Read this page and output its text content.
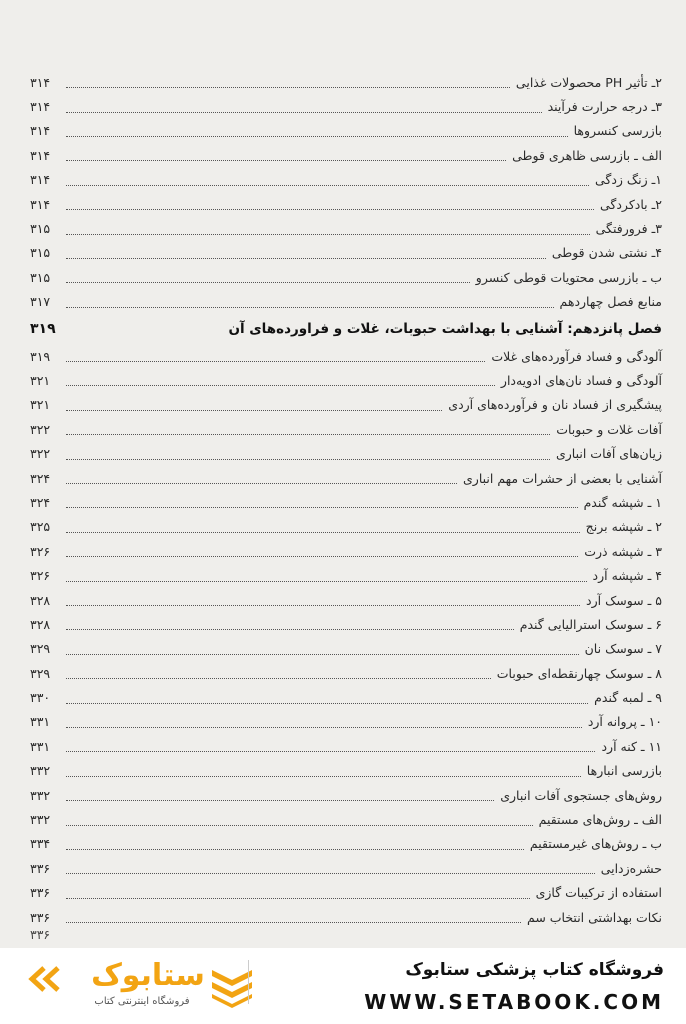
۲ـ تأثیر PH محصولات غذایی
۳۱۴
۳ـ درجه حرارت فرآیند
۳۱۴
بازرسی کنسروها
۳۱۴
الف ـ بازرسی ظاهری قوطی
۳۱۴
۱ـ زنگ زدگی
۳۱۴
۲ـ بادکردگی
۳۱۴
۳ـ فرورفتگی
۳۱۵
۴ـ نشتی شدن قوطی
۳۱۵
ب ـ بازرسی محتویات قوطی کنسرو
۳۱۵
منابع فصل چهاردهم
۳۱۷
فصل پانزدهم: آشنایی با بهداشت حبوبات، غلات و فراورده‌های آن
۳۱۹
آلودگی و فساد فرآورده‌های غلات
۳۱۹
آلودگی و فساد نان‌های ادویه‌دار
۳۲۱
پیشگیری از فساد نان و فرآورده‌های آردی
۳۲۱
آفات غلات و حبوبات
۳۲۲
زیان‌های آفات انباری
۳۲۲
آشنایی با بعضی از حشرات مهم انباری
۳۲۴
۱ ـ شپشه گندم
۳۲۴
۲ ـ شپشه برنج
۳۲۵
۳ ـ شپشه ذرت
۳۲۶
۴ ـ شپشه آرد
۳۲۶
۵ ـ سوسک آرد
۳۲۸
۶ ـ سوسک استرالیایی گندم
۳۲۸
۷ ـ سوسک نان
۳۲۹
۸ ـ سوسک چهارنقطه‌ای حبوبات
۳۲۹
۹ ـ لمبه گندم
۳۳۰
۱۰ ـ پروانه آرد
۳۳۱
۱۱ ـ کنه آرد
۳۳۱
بازرسی انبارها
۳۳۲
روش‌های جستجوی آفات انباری
۳۳۲
الف ـ روش‌های مستقیم
۳۳۲
ب ـ روش‌های غیرمستقیم
۳۳۴
حشره‌زدایی
۳۳۶
استفاده از ترکیبات گازی
۳۳۶
نکات بهداشتی انتخاب سم
۳۳۶
۳۳۶
ستابوک
فروشگاه اینترنتی کتاب
فروشگاه کتاب پزشکی ستابوک
WWW.SETABOOK.COM
